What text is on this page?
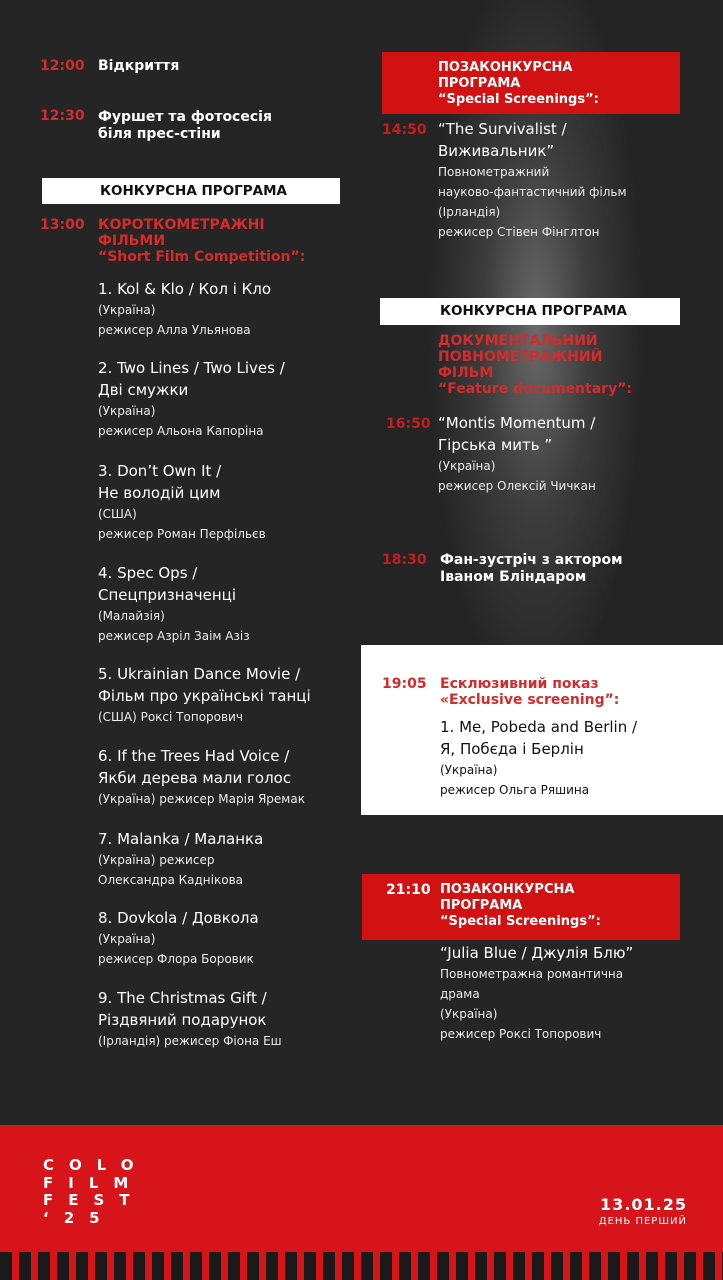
12:00 Відкриття
12:30 Фуршет та фотосесія
біля прес-стіни
КОНКУРСНА ПРОГРАМА
13:00 КОРОТКОМЕТРАЖНІ
ФІЛЬМИ
“Short Film Competition”:
1. Kol & Klo / Кол і Кло
(Україна)
режисер Алла Ульянова
2. Two Lines / Two Lives /
Дві смужки
(Україна)
режисер Альона Капоріна
3. Don’t Own It /
Не володій цим
(США)
режисер Роман Перфільєв
4. Spec Ops /
Спецпризначенці
(Малайзія)
режисер Азріл Заім Азіз
5. Ukrainian Dance Movie /
Фільм про українські танці
(США) Роксі Топорович
6. If the Trees Had Voice /
Якби дерева мали голос
(Україна) режисер Марія Яремак
7. Malanka / Маланка
(Україна) режисер
Олександра Каднікова
8. Dovkola / Довкола
(Україна)
режисер Флора Боровик
9. The Christmas Gift /
Різдвяний подарунок
(Ірландія) режисер Фіона Еш
ПОЗАКОНКУРСНА
ПРОГРАМА
“Special Screenings”:
14:50 “The Survivalist /
Виживальник”
Повнометражний
науково-фантастичний фільм
(Ірландія)
режисер Стівен Фінглтон
КОНКУРСНА ПРОГРАМА
ДОКУМЕНТАЛЬНИЙ
ПОВНОМЕТРАЖНИЙ
ФІЛЬМ
“Feature documentary”:
16:50 “Montis Momentum /
Гірська мить ”
(Україна)
режисер Олексій Чичкан
18:30 Фан-зустріч з актором
Іваном Бліндаром
19:05 Есклюзивний показ
«Exclusive screening”:
1. Me, Pobeda and Berlin /
Я, Побєда і Берлін
(Україна)
режисер Ольга Ряшина
ПОЗАКОНКУРСНА
ПРОГРАМА
“Special Screenings”:
21:10
“Julia Blue / Джулія Блю”
Повнометражна романтична
драма
(Україна)
режисер Роксі Топорович
COLO
FILM
FEST
‘25
13.01.25
ДЕНЬ ПЕРШИЙ
